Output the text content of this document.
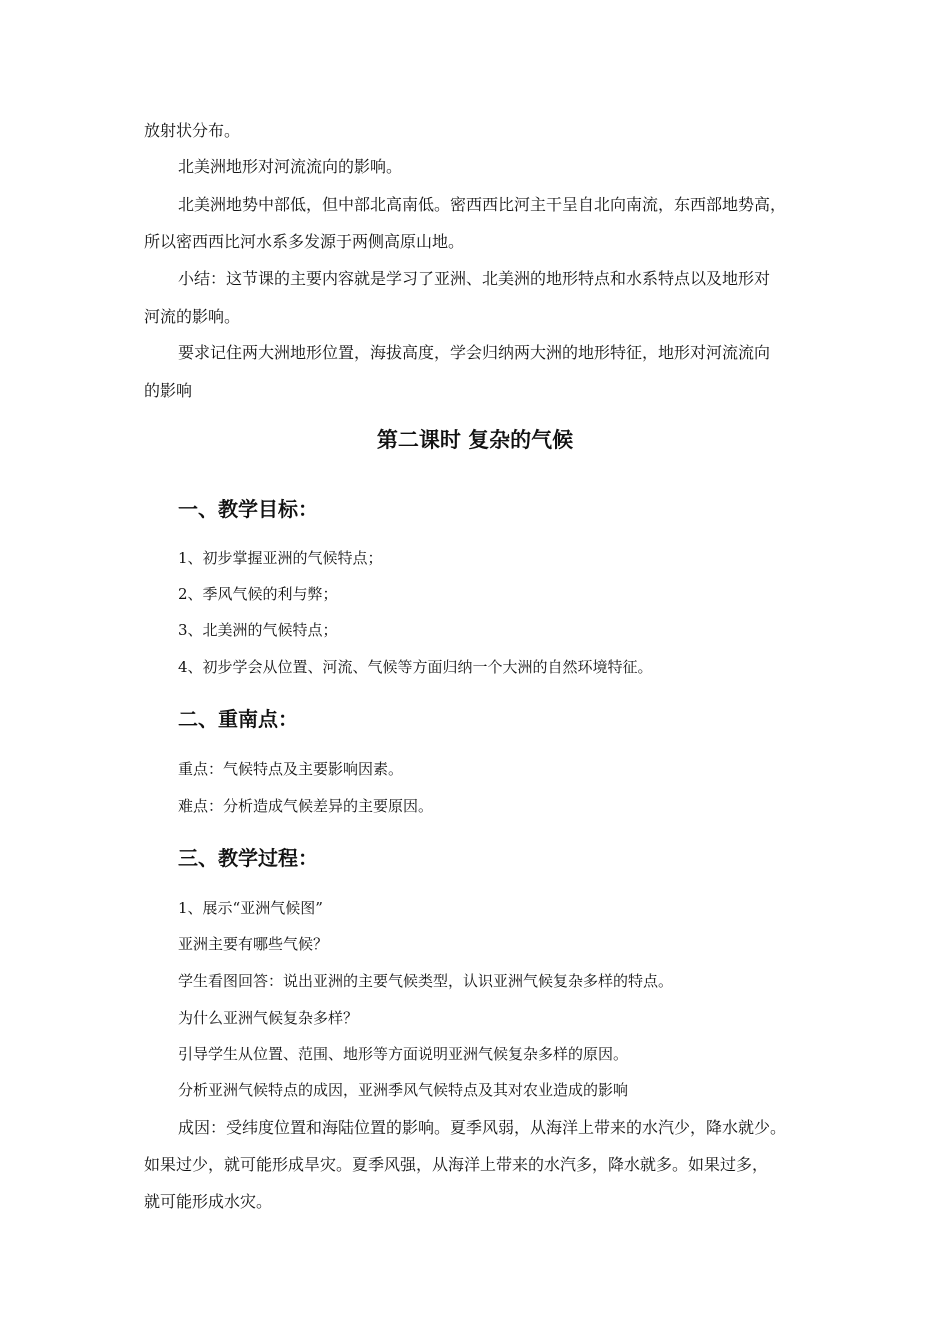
放射状分布。
北美洲地形对河流流向的影响。
北美洲地势中部低，但中部北高南低。密西西比河主干呈自北向南流，东西部地势高，
所以密西西比河水系多发源于两侧高原山地。
小结：这节课的主要内容就是学习了亚洲、北美洲的地形特点和水系特点以及地形对
河流的影响。
要求记住两大洲地形位置，海拔高度，学会归纳两大洲的地形特征，地形对河流流向
的影响
第二课时 复杂的气候
一、教学目标：
1、初步掌握亚洲的气候特点；
2、季风气候的利与弊；
3、北美洲的气候特点；
4、初步学会从位置、河流、气候等方面归纳一个大洲的自然环境特征。
二、重南点：
重点：气候特点及主要影响因素。
难点：分析造成气候差异的主要原因。
三、教学过程：
1、展示“亚洲气候图”
亚洲主要有哪些气候？
学生看图回答：说出亚洲的主要气候类型，认识亚洲气候复杂多样的特点。
为什么亚洲气候复杂多样？
引导学生从位置、范围、地形等方面说明亚洲气候复杂多样的原因。
分析亚洲气候特点的成因，亚洲季风气候特点及其对农业造成的影响
成因：受纬度位置和海陆位置的影响。夏季风弱，从海洋上带来的水汽少，降水就少。
如果过少，就可能形成旱灾。夏季风强，从海洋上带来的水汽多，降水就多。如果过多，
就可能形成水灾。
